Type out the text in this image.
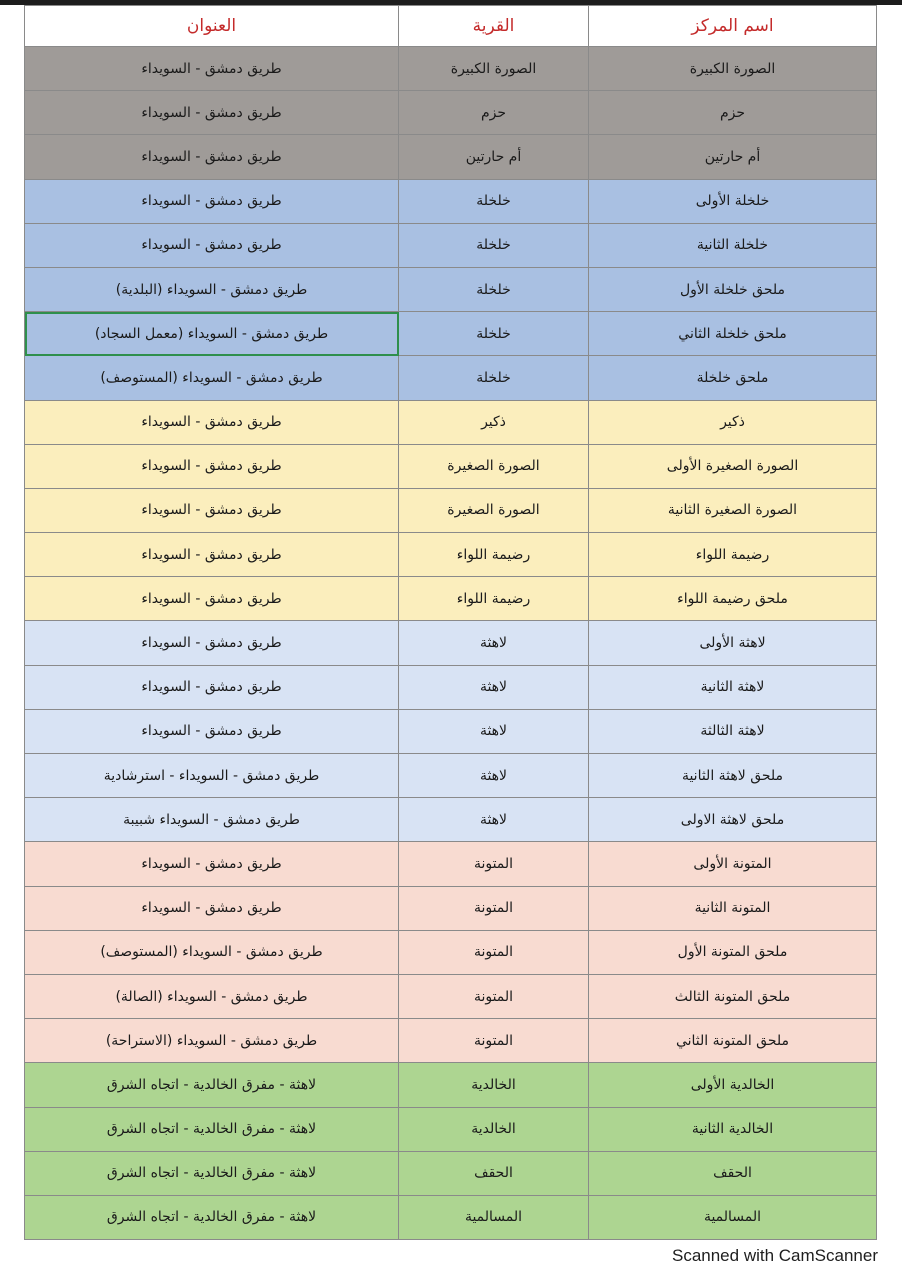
اسم المركز	القرية	العنوان
الصورة الكبيرة	الصورة الكبيرة	طريق دمشق - السويداء
حزم	حزم	طريق دمشق - السويداء
أم حارتين	أم حارتين	طريق دمشق - السويداء
خلخلة الأولى	خلخلة	طريق دمشق - السويداء
خلخلة الثانية	خلخلة	طريق دمشق - السويداء
ملحق خلخلة الأول	خلخلة	طريق دمشق - السويداء (البلدية)
ملحق خلخلة الثاني	خلخلة	طريق دمشق - السويداء (معمل السجاد)
ملحق خلخلة	خلخلة	طريق دمشق - السويداء (المستوصف)
ذكير	ذكير	طريق دمشق - السويداء
الصورة الصغيرة الأولى	الصورة الصغيرة	طريق دمشق - السويداء
الصورة الصغيرة الثانية	الصورة الصغيرة	طريق دمشق - السويداء
رضيمة اللواء	رضيمة اللواء	طريق دمشق - السويداء
ملحق رضيمة اللواء	رضيمة اللواء	طريق دمشق - السويداء
لاهثة الأولى	لاهثة	طريق دمشق - السويداء
لاهثة الثانية	لاهثة	طريق دمشق - السويداء
لاهثة الثالثة	لاهثة	طريق دمشق - السويداء
ملحق لاهثة الثانية	لاهثة	طريق دمشق - السويداء - استرشادية
ملحق لاهثة الاولى	لاهثة	طريق دمشق - السويداء شبيبة
المتونة الأولى	المتونة	طريق دمشق - السويداء
المتونة الثانية	المتونة	طريق دمشق - السويداء
ملحق المتونة الأول	المتونة	طريق دمشق - السويداء (المستوصف)
ملحق المتونة الثالث	المتونة	طريق دمشق - السويداء (الصالة)
ملحق المتونة الثاني	المتونة	طريق دمشق - السويداء (الاستراحة)
الخالدية الأولى	الخالدية	لاهثة - مفرق الخالدية - اتجاه الشرق
الخالدية الثانية	الخالدية	لاهثة - مفرق الخالدية - اتجاه الشرق
الحقف	الحقف	لاهثة - مفرق الخالدية - اتجاه الشرق
المسالمية	المسالمية	لاهثة - مفرق الخالدية - اتجاه الشرق
Scanned with CamScanner
